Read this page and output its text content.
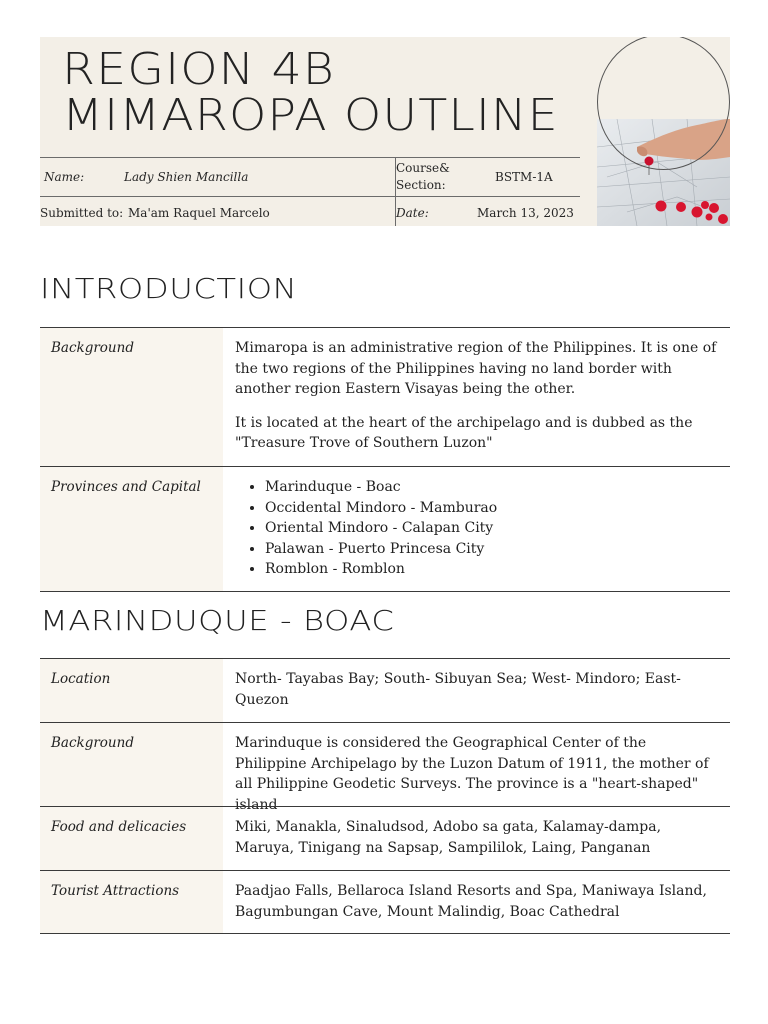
REGION 4B
MIMAROPA OUTLINE
Name:	Lady Shien Mancilla
Course&
Section:
BSTM-1A
Submitted to: Ma'am Raquel Marcelo	Date:	March 13, 2023
INTRODUCTION
Background	Mimaropa is an administrative region of the Philippines. It is one of the two regions of the Philippines having no land border with another region Eastern Visayas being the other.

It is located at the heart of the archipelago and is dubbed as the "Treasure Trove of Southern Luzon"

Provinces and Capital
•	Marinduque - Boac
• Occidental Mindoro - Mamburao
• Oriental Mindoro - Calapan City
• Palawan - Puerto Princesa City
• Romblon - Romblon
MARINDUQUE - BOAC
Location	North- Tayabas Bay; South- Sibuyan Sea; West- Mindoro; East- Quezon
Background	Marinduque is considered the Geographical Center of the Philippine Archipelago by the Luzon Datum of 1911, the mother of all Philippine Geodetic Surveys. The province is a "heart-shaped" island
Food and delicacies	Miki, Manakla, Sinaludsod, Adobo sa gata, Kalamay-dampa, Maruya, Tinigang na Sapsap, Sampililok, Laing, Panganan
Tourist Attractions	Paadjao Falls, Bellaroca Island Resorts and Spa, Maniwaya Island, Bagumbungan Cave, Mount Malindig, Boac Cathedral
